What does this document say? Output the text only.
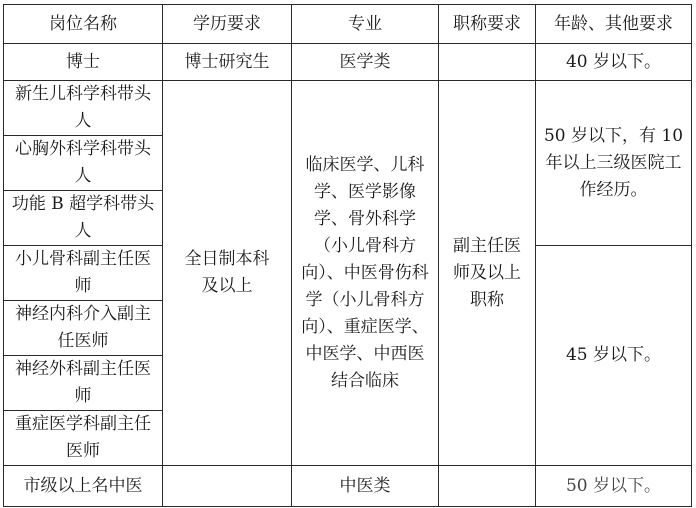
岗位名称	学历要求	专业	职称要求	年龄、其他要求
博士	博士研究生	医学类		40 岁以下。
新生儿科学科带头人	全日制本科及以上	临床医学、儿科学、医学影像学、骨外科学（小儿骨科方向）、中医骨伤科学（小儿骨科方向）、重症医学、中医学、中西医结合临床	副主任医师及以上职称	50 岁以下，有 10 年以上三级医院工作经历。
心胸外科学科带头人				
功能 B 超学科带头人				
小儿骨科副主任医师				45 岁以下。
神经内科介入副主任医师				
神经外科副主任医师				
重症医学科副主任医师				
市级以上名中医		中医类		50 岁以下。
